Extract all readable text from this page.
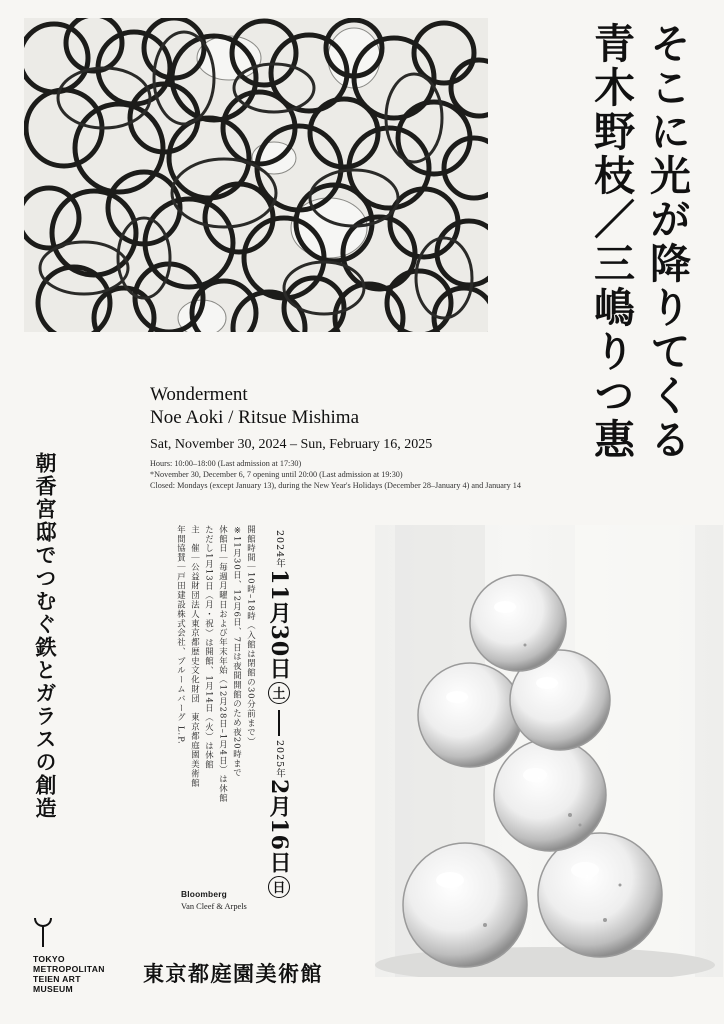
そこに光が降りてくる
青木野枝／三嶋りつ惠
Wonderment
Noe Aoki / Ritsue Mishima
Sat, November 30, 2024 – Sun, February 16, 2025
Hours: 10:00–18:00 (Last admission at 17:30)
*November 30, December 6, 7 opening until 20:00 (Last admission at 19:30)
Closed: Mondays (except January 13), during the New Year's Holidays (December 28–January 4) and January 14
朝香宮邸でつむぐ鉄とガラスの創造	開館時間｜10時–18時（入館は閉館の30分前まで）
※11月30日、12月6日、7日は夜間開館のため夜20時まで
休館日｜毎週月曜日および年末年始（12月28日–1月4日）は休館
ただし1月13日（月・祝）は開館、1月14日（火）は休館
主　催｜公益財団法人東京都歴史文化財団　東京都庭園美術館
年間協賛｜戸田建設株式会社、ブルームバーグ L.P.	2024年
11月30日
土
2025年
2月16日
日
Bloomberg
Van Cleef & Arpels
TOKYO
METROPOLITAN
TEIEN ART
MUSEUM
東京都庭園美術館
